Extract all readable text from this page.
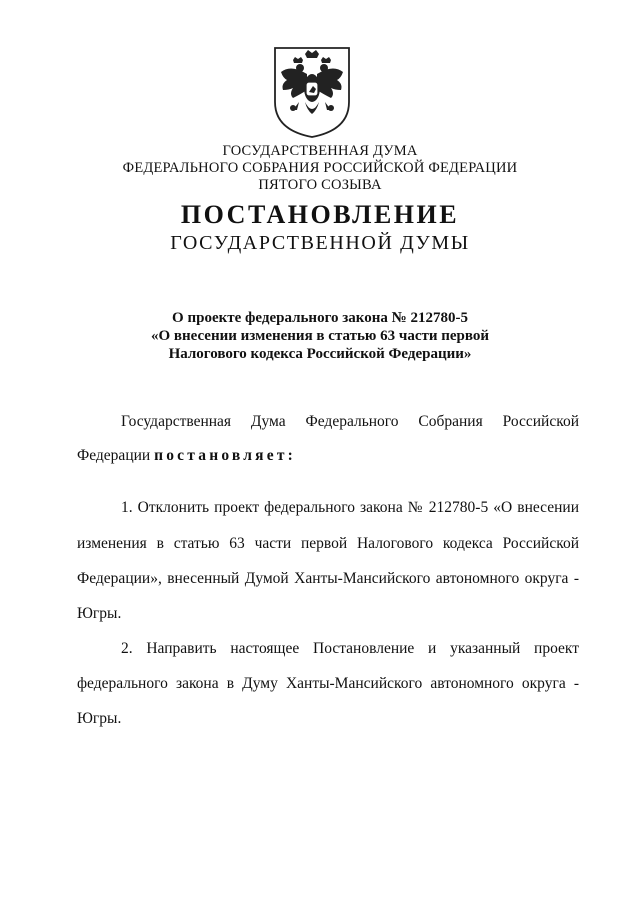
ГОСУДАРСТВЕННАЯ ДУМА
ФЕДЕРАЛЬНОГО СОБРАНИЯ РОССИЙСКОЙ ФЕДЕРАЦИИ
ПЯТОГО СОЗЫВА
ПОСТАНОВЛЕНИЕ
ГОСУДАРСТВЕННОЙ ДУМЫ
О проекте федерального закона № 212780-5
«О внесении изменения в статью 63 части первой
Налогового кодекса Российской Федерации»
Государственная Дума Федерального Собрания Российской
Федерации постановляет:
1. Отклонить проект федерального закона № 212780-5 «О внесении
изменения в статью 63 части первой Налогового кодекса Российской
Федерации», внесенный Думой Ханты-Мансийского автономного округа -
Югры.
2. Направить настоящее Постановление и указанный проект
федерального закона в Думу Ханты-Мансийского автономного округа -
Югры.
